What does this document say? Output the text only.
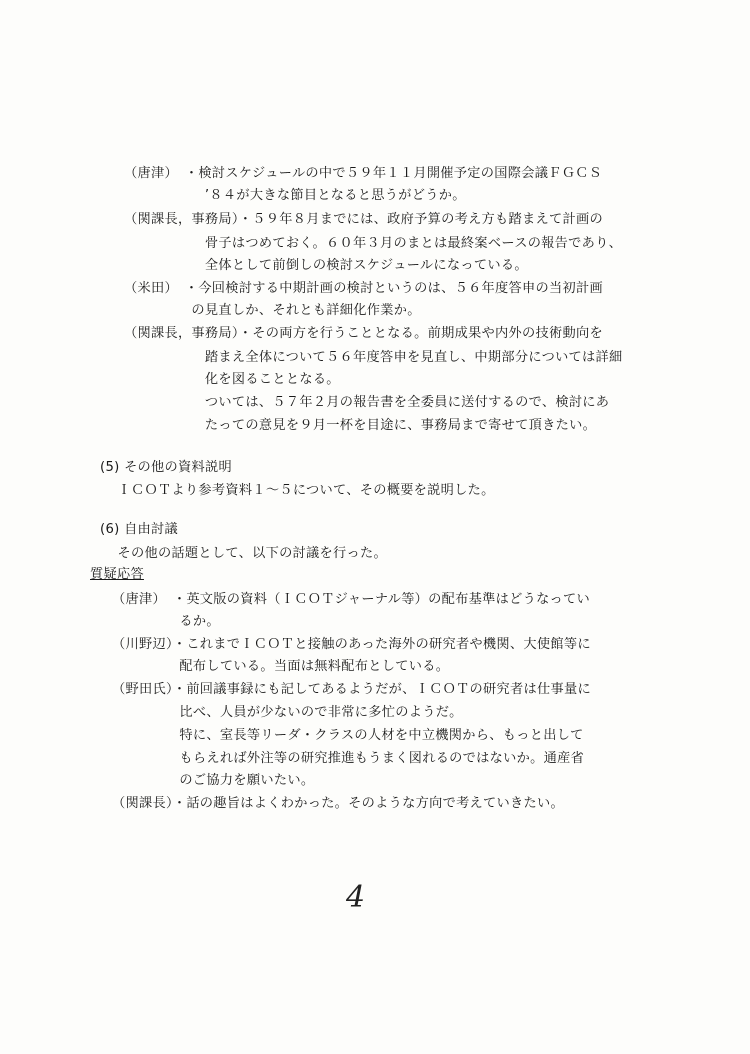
（唐津）　・検討スケジュールの中で５９年１１月開催予定の国際会議ＦＧＣＳ
　　　　　　’８４が大きな節目となると思うがどうか。
（関課長，事務局）・５９年８月までには、政府予算の考え方も踏まえて計画の
　　　　　　骨子はつめておく。６０年３月のまとは最終案ベースの報告であり、
　　　　　　全体として前倒しの検討スケジュールになっている。
（米田）　・今回検討する中期計画の検討というのは、５６年度答申の当初計画
　　　　　の見直しか、それとも詳細化作業か。
（関課長，事務局）・その両方を行うこととなる。前期成果や内外の技術動向を
　　　　　　踏まえ全体について５６年度答申を見直し、中期部分については詳細
　　　　　　化を図ることとなる。
　　　　　　ついては、５７年２月の報告書を全委員に送付するので、検討にあ
　　　　　　たっての意見を９月一杯を目途に、事務局まで寄せて頂きたい。
(5) その他の資料説明
　ＩＣＯＴより参考資料１～５について、その概要を説明した。
(6) 自由討議
　その他の話題として、以下の討議を行った。
質疑応答
（唐津）　・英文版の資料（ＩＣＯＴジャーナル等）の配布基準はどうなってい
　　　　　るか。
（川野辺）・これまでＩＣＯＴと接触のあった海外の研究者や機関、大使館等に
　　　　　配布している。当面は無料配布としている。
（野田氏）・前回議事録にも記してあるようだが、ＩＣＯＴの研究者は仕事量に
　　　　　比べ、人員が少ないので非常に多忙のようだ。
　　　　　特に、室長等リーダ・クラスの人材を中立機関から、もっと出して
　　　　　もらえれば外注等の研究推進もうまく図れるのではないか。通産省
　　　　　のご協力を願いたい。
（関課長）・話の趣旨はよくわかった。そのような方向で考えていきたい。
4
